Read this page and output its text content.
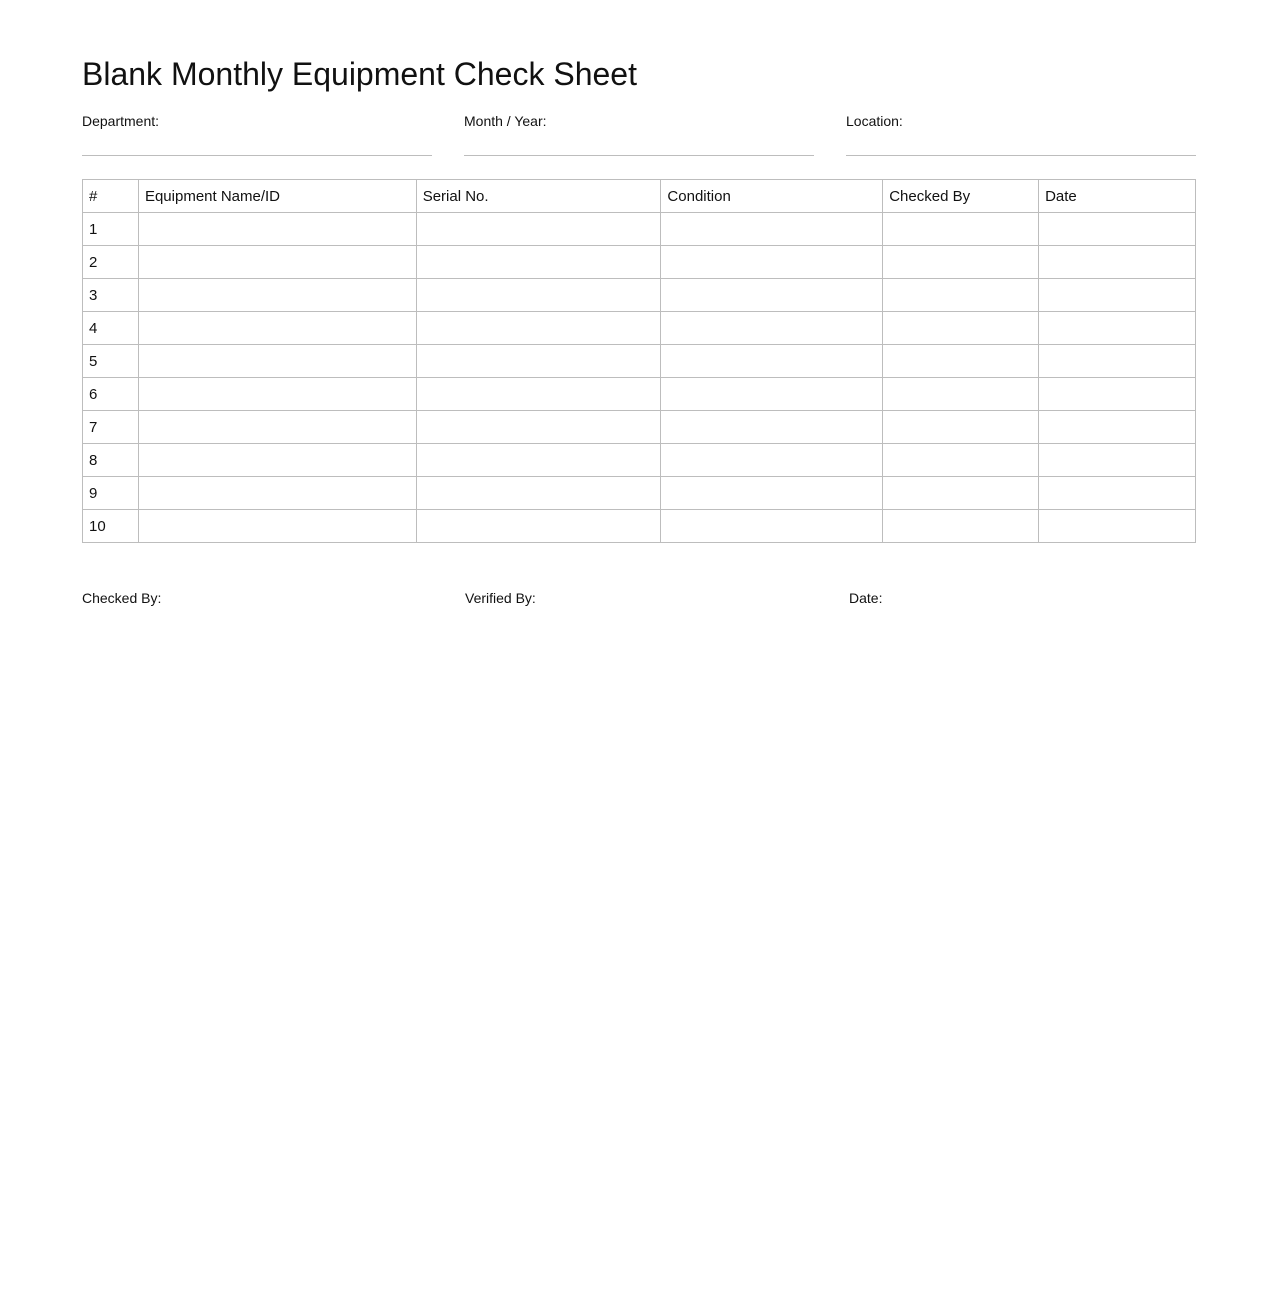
Blank Monthly Equipment Check Sheet
Department:	Month / Year:	Location:
#	Equipment Name/ID	Serial No.	Condition	Checked By	Date
1					
2					
3					
4					
5					
6					
7					
8					
9					
10					
Checked By:	Verified By:	Date:
